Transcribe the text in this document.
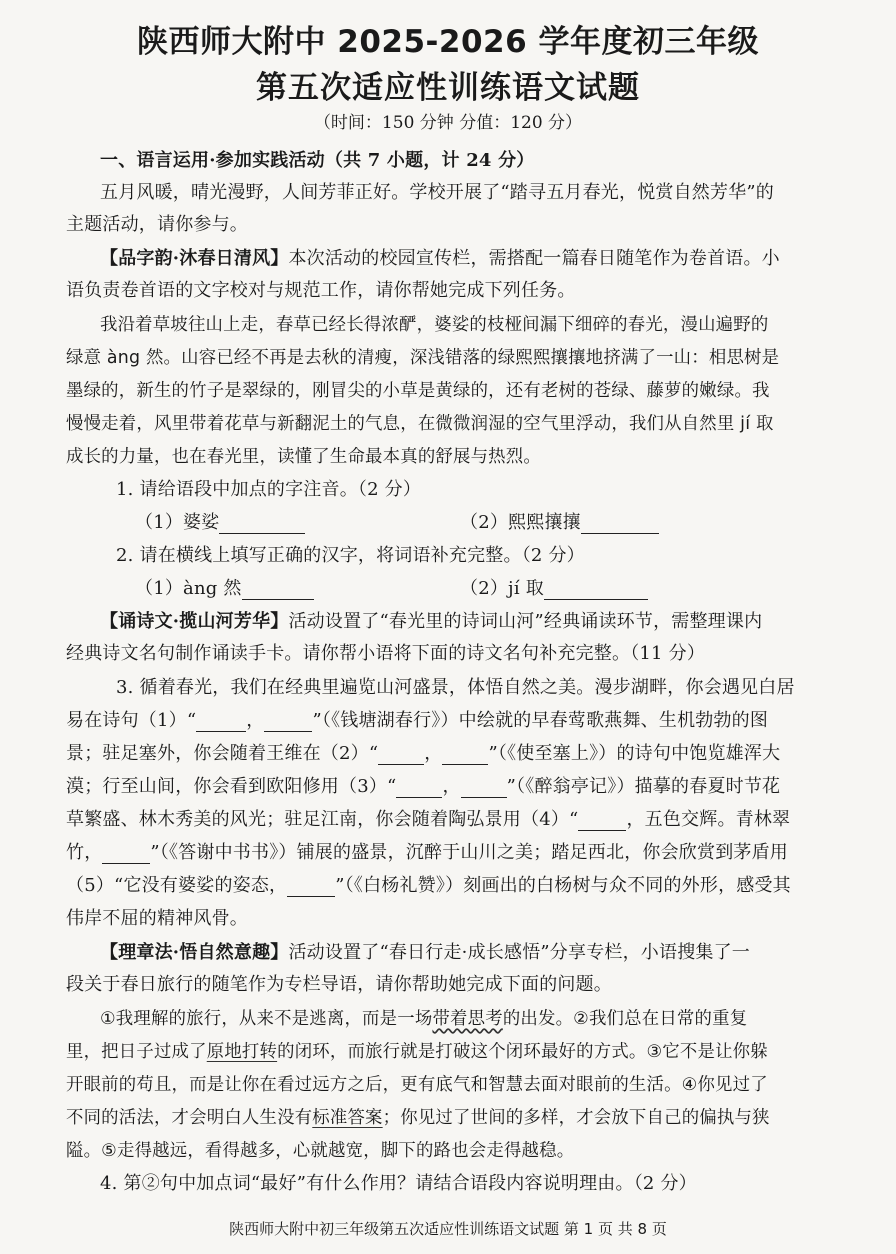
陕西师大附中 2025-2026 学年度初三年级
第五次适应性训练语文试题
（时间：150 分钟 分值：120 分）
一、语言运用·参加实践活动（共 7 小题，计 24 分）
五月风暖，晴光漫野，人间芳菲正好。学校开展了“踏寻五月春光，悦赏自然芳华”的
主题活动，请你参与。
【品字韵·沐春日清风】本次活动的校园宣传栏，需搭配一篇春日随笔作为卷首语。小
语负责卷首语的文字校对与规范工作，请你帮她完成下列任务。
我沿着草坡往山上走，春草已经长得浓酽，婆娑的枝桠间漏下细碎的春光，漫山遍野的
绿意 àng 然。山容已经不再是去秋的清瘦，深浅错落的绿熙熙攘攘地挤满了一山：相思树是
墨绿的，新生的竹子是翠绿的，刚冒尖的小草是黄绿的，还有老树的苍绿、藤萝的嫩绿。我
慢慢走着，风里带着花草与新翻泥土的气息，在微微润湿的空气里浮动，我们从自然里 jí 取
成长的力量，也在春光里，读懂了生命最本真的舒展与热烈。
1. 请给语段中加点的字注音。（2 分）
（1）婆娑	（2）熙熙攘攘
2. 请在横线上填写正确的汉字，将词语补充完整。（2 分）
（1）àng 然	（2）jí 取
【诵诗文·揽山河芳华】活动设置了“春光里的诗词山河”经典诵读环节，需整理课内
经典诗文名句制作诵读手卡。请你帮小语将下面的诗文名句补充完整。（11 分）
3. 循着春光，我们在经典里遍览山河盛景，体悟自然之美。漫步湖畔，你会遇见白居
易在诗句（1）“	，	”（《钱塘湖春行》）中绘就的早春莺歌燕舞、生机勃勃的图
景；驻足塞外，你会随着王维在（2）“	，	”（《使至塞上》）的诗句中饱览雄浑大
漠；行至山间，你会看到欧阳修用（3）“	，	”（《醉翁亭记》）描摹的春夏时节花
草繁盛、林木秀美的风光；驻足江南，你会随着陶弘景用（4）“	，五色交辉。青林翠
竹，	”（《答谢中书书》）铺展的盛景，沉醉于山川之美；踏足西北，你会欣赏到茅盾用
（5）“它没有婆娑的姿态，	”（《白杨礼赞》）刻画出的白杨树与众不同的外形，感受其
伟岸不屈的精神风骨。
【理章法·悟自然意趣】活动设置了“春日行走·成长感悟”分享专栏，小语搜集了一
段关于春日旅行的随笔作为专栏导语，请你帮助她完成下面的问题。
①我理解的旅行，从来不是逃离，而是一场带着思考的出发。②我们总在日常的重复
里，把日子过成了原地打转的闭环，而旅行就是打破这个闭环最好的方式。③它不是让你躲
开眼前的苟且，而是让你在看过远方之后，更有底气和智慧去面对眼前的生活。④你见过了
不同的活法，才会明白人生没有标准答案；你见过了世间的多样，才会放下自己的偏执与狭
隘。⑤走得越远，看得越多，心就越宽，脚下的路也会走得越稳。
4. 第②句中加点词“最好”有什么作用？请结合语段内容说明理由。（2 分）
陕西师大附中初三年级第五次适应性训练语文试题 第 1 页 共 8 页
